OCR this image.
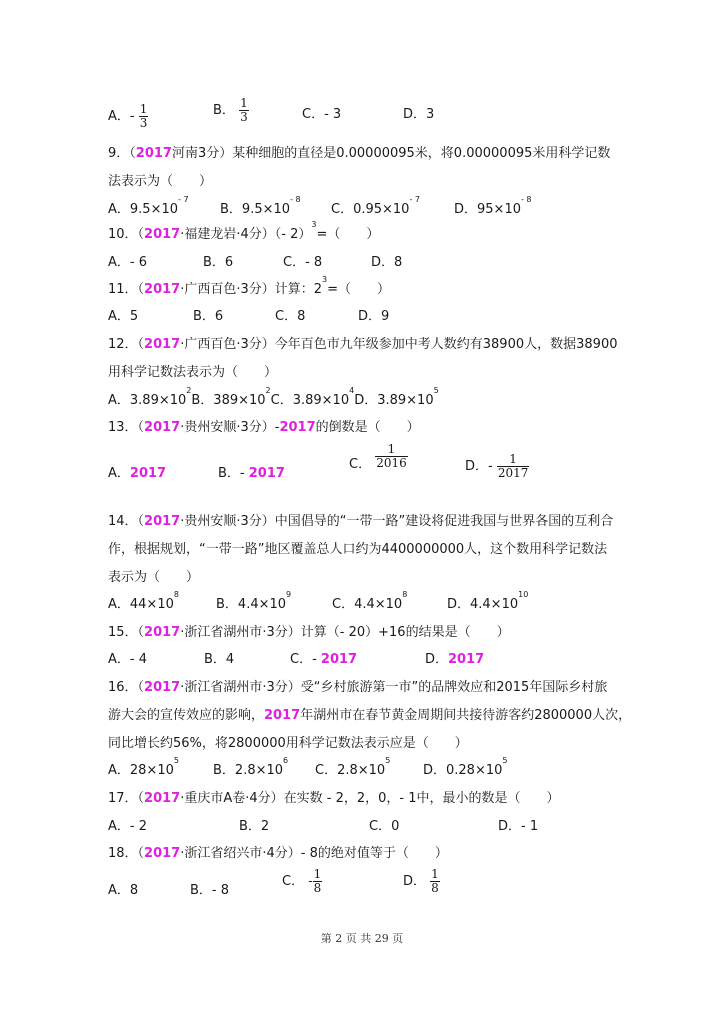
A．- $\frac{1}{3}$	B． $\frac{1}{3}$	C．- 3	D．3
9．（2017河南3分）某种细胞的直径是0.00000095米，将0.00000095米用科学记数
法表示为（　　）
A．$9.5\times 10^{- 7}$
B．$9.5\times 10^{- 8}$
C．$0.95\times 10^{- 7}$
D．$95\times 10^{- 8}$
10．（2017·福建龙岩·4分）（- 2）$^3$=（　　）
A．- 6	B．6	C．- 8	D．8
11．（2017·广西百色·3分）计算：$2^3=$（　　）
A．5	B．6	C．8	D．9
12．（2017·广西百色·3分）今年百色市九年级参加中考人数约有38900人，数据38900
用科学记数法表示为（　　）
A．$3.89\times 10^2B$．$389\times 10^2C$．$3.89\times 10^4D$．$3.89\times 10^5$
13．（2017·贵州安顺·3分）-2017的倒数是（　　）
A．2017	B．- 2017
C． $\frac{1}{2016}$	D．- $\frac{1}{2017}$
14．（2017·贵州安顺·3分）中国倡导的“一带一路”建设将促进我国与世界各国的互利合
作，根据规划，“一带一路”地区覆盖总人口约为4400000000人，这个数用科学记数法
表示为（　　）
A．$44\times 10^8$
B．$4.4\times 10^9$
C．$4.4\times 10^8$
D．$4.4\times 10^{10}$
15．（2017·浙江省湖州市·3分）计算（- 20）+16的结果是（　　）
A．- 4	B．4	C．- 2017	D．2017
16．（2017·浙江省湖州市·3分）受“乡村旅游第一市”的品牌效应和2015年国际乡村旅
游大会的宣传效应的影响，2017年湖州市在春节黄金周期间共接待游客约2800000人次，
同比增长约56%，将2800000用科学记数法表示应是（　　）
A．$28\times 10^5$
B．$2.8\times 10^6$
C．$2.8\times 10^5$
D．$0.28\times 10^5$
17．（2017·重庆市A卷·4分）在实数 - 2，2，0，- 1中，最小的数是（　　）
A．- 2	B．2	C．0	D．- 1
18．（2017·浙江省绍兴市·4分）- 8的绝对值等于（　　）
A．8	B．- 8
C． - $\frac{1}{8}$	D． $\frac{1}{8}$
第 2 页 共 29 页
